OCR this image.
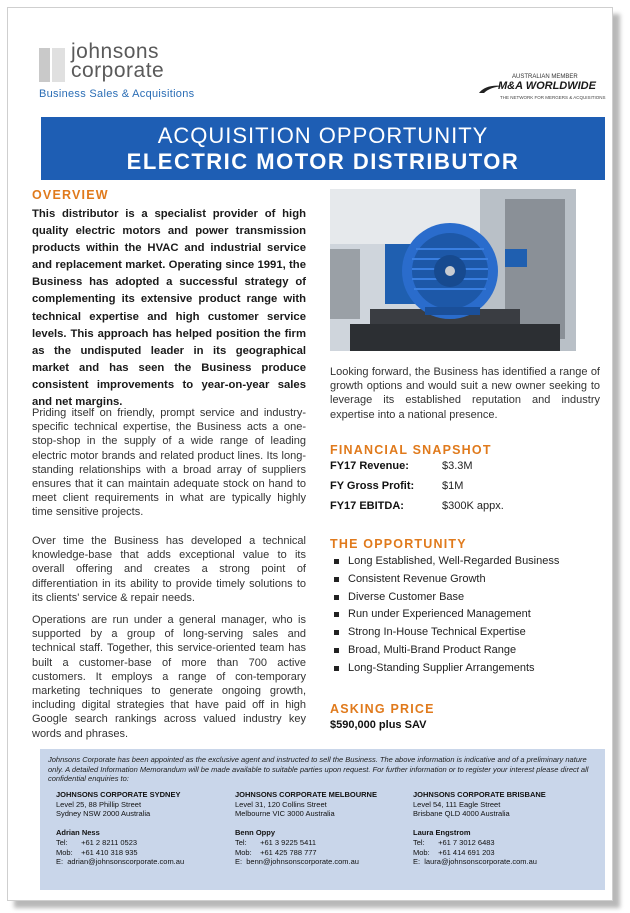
johnsons
corporate
Business Sales & Acquisitions
AUSTRALIAN MEMBER
M&A WORLDWIDE
THE NETWORK FOR MERGERS & ACQUISITIONS
ACQUISITION OPPORTUNITY
ELECTRIC MOTOR DISTRIBUTOR
OVERVIEW

This distributor is a specialist provider of high quality electric motors and power transmission products within the HVAC and industrial service and replacement market. Operating since 1991, the Business has adopted a successful strategy of complementing its extensive product range with technical expertise and high customer service levels. This approach has helped position the firm as the undisputed leader in its geographical market and has seen the Business produce consistent improvements to year-on-year sales and net margins.

Priding itself on friendly, prompt service and industry-specific technical expertise, the Business acts a one-stop-shop in the supply of a wide range of leading electric motor brands and related product lines. Its long-standing relationships with a broad array of suppliers ensures that it can maintain adequate stock on hand to meet client requirements in what are typically highly time sensitive projects.

Over time the Business has developed a technical knowledge-base that adds exceptional value to its overall offering and creates a strong point of differentiation in its ability to provide timely solutions to its clients' service & repair needs.

Operations are run under a general manager, who is supported by a group of long-serving sales and technical staff. Together, this service-oriented team has built a customer-base of more than 700 active customers. It employs a range of con-temporary marketing techniques to generate ongoing growth, including digital strategies that have paid off in high Google search rankings across valued industry key words and phrases.

Looking forward, the Business has identified a range of growth options and would suit a new owner seeking to leverage its established reputation and industry expertise into a national presence.

FINANCIAL SNAPSHOT
FY17 Revenue:	$3.3M
FY Gross Profit:	$1M
FY17 EBITDA:	$300K appx.
THE OPPORTUNITY
Long Established, Well-Regarded Business
Consistent Revenue Growth
Diverse Customer Base
Run under Experienced Management
Strong In-House Technical Expertise
Broad, Multi-Brand Product Range
Long-Standing Supplier Arrangements
ASKING PRICE
$590,000 plus SAV

Johnsons Corporate has been appointed as the exclusive agent and instructed to sell the Business. The above information is indicative and of a preliminary nature only. A detailed Information Memorandum will be made available to suitable parties upon request. For further information or to register your interest please direct all confidential enquiries to:

JOHNSONS CORPORATE SYDNEY
Level 25, 88 Phillip Street
Sydney NSW 2000 Australia
Adrian Ness
Tel: +61 2 8211 0523
Mob: +61 410 318 935
E: adrian@johnsonscorporate.com.au
JOHNSONS CORPORATE MELBOURNE
Level 31, 120 Collins Street
Melbourne VIC 3000 Australia
Benn Oppy
Tel: +61 3 9225 5411
Mob: +61 425 788 777
E: benn@johnsonscorporate.com.au
JOHNSONS CORPORATE BRISBANE
Level 54, 111 Eagle Street
Brisbane QLD 4000 Australia
Laura Engstrom
Tel: +61 7 3012 6483
Mob: +61 414 691 203
E: laura@johnsonscorporate.com.au
